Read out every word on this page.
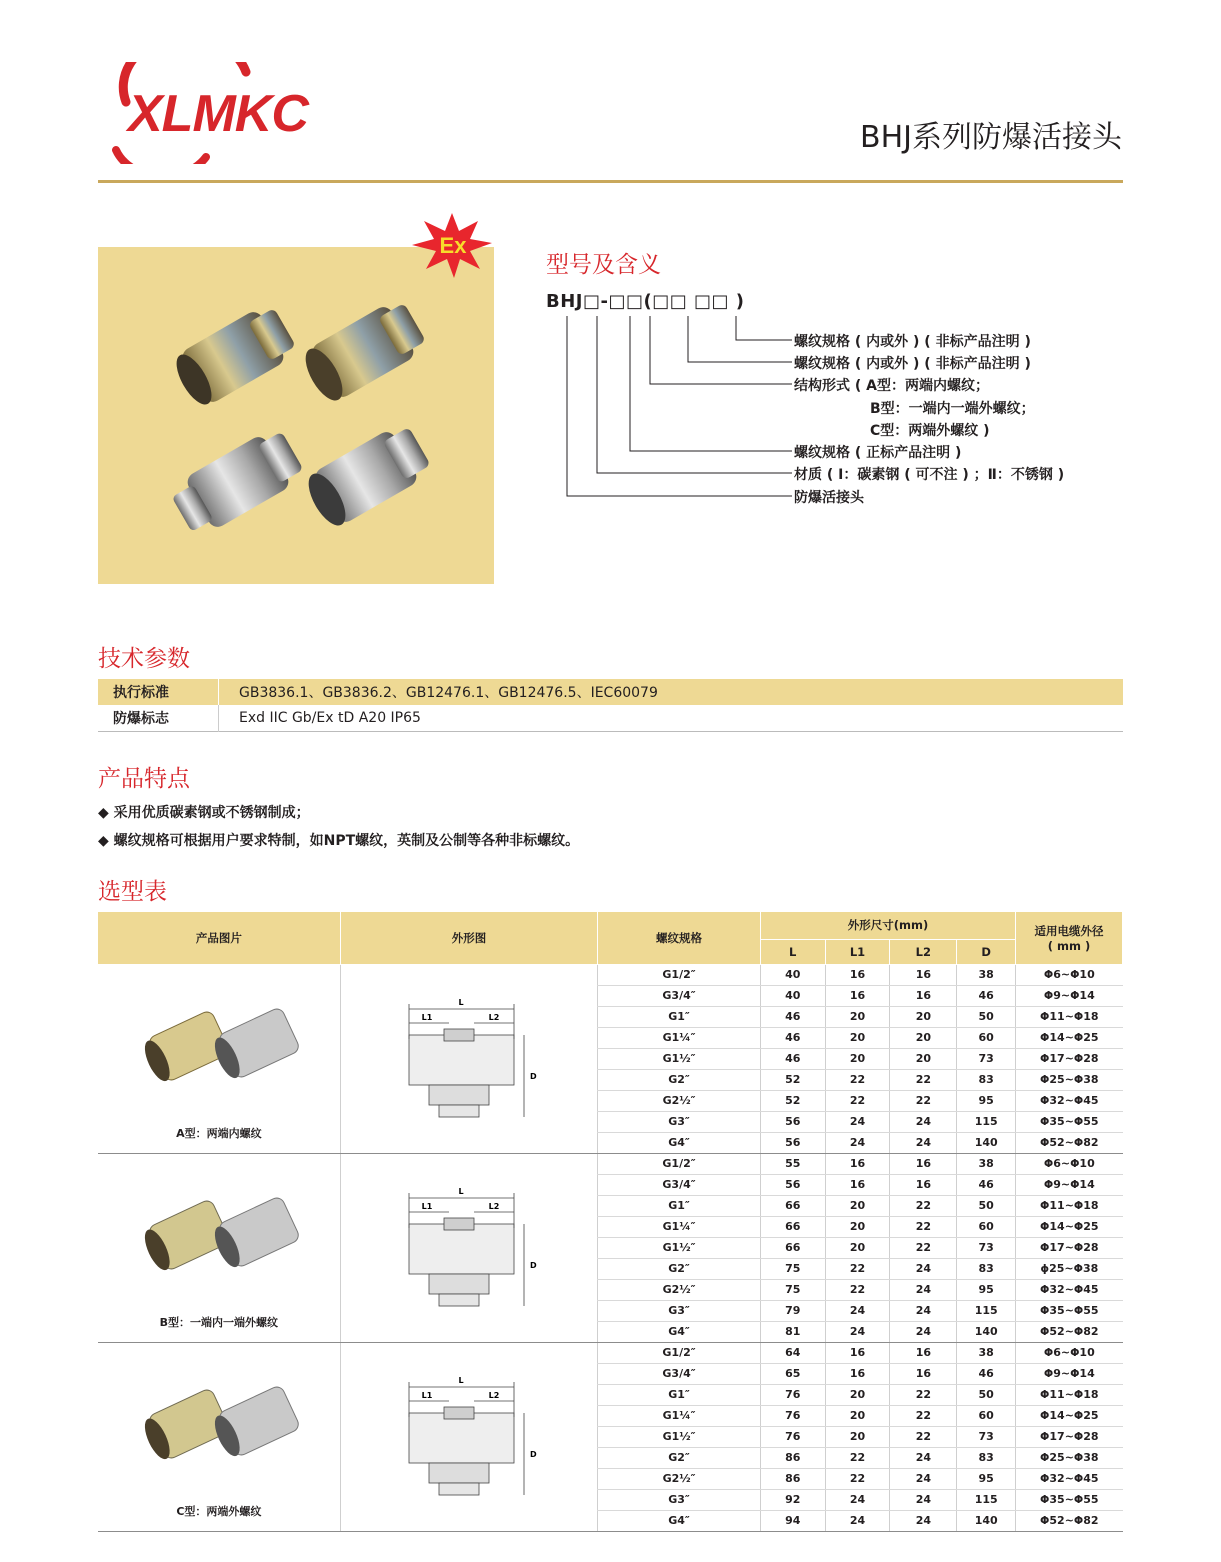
XLMKC	BHJ系列防爆活接头
Ex
型号及含义
BHJ□-□□(□□ □□ )
螺纹规格 ( 内或外 ) ( 非标产品注明 )
螺纹规格 ( 内或外 ) ( 非标产品注明 )
结构形式 ( A型：两端内螺纹；
B型：一端内一端外螺纹；
C型：两端外螺纹 )
螺纹规格 ( 正标产品注明 )
材质 ( Ⅰ：碳素钢 ( 可不注 ) ；Ⅱ：不锈钢 )
防爆活接头
技术参数
执行标准	GB3836.1、GB3836.2、GB12476.1、GB12476.5、IEC60079
防爆标志	Exd IIC Gb/Ex tD A20 IP65
产品特点
◆ 采用优质碳素钢或不锈钢制成；
◆ 螺纹规格可根据用户要求特制，如NPT螺纹，英制及公制等各种非标螺纹。
选型表
产品图片	外形图	螺纹规格	外形尺寸(mm)				适用电缆外径
( mm )

			L	L1	L2	D	

A型：两端内螺纹	L
L1 L2
D	G1/2″	40	16	16	38	Φ6~Φ10
		G3/4″	40	16	16	46	Φ9~Φ14
		G1″	46	20	20	50	Φ11~Φ18
		G1¼″	46	20	20	60	Φ14~Φ25
		G1½″	46	20	20	73	Φ17~Φ28
		G2″	52	22	22	83	Φ25~Φ38
		G2½″	52	22	22	95	Φ32~Φ45
		G3″	56	24	24	115	Φ35~Φ55
		G4″	56	24	24	140	Φ52~Φ82

B型：一端内一端外螺纹	L
L1 L2
D	G1/2″	55	16	16	38	Φ6~Φ10
		G3/4″	56	16	16	46	Φ9~Φ14
		G1″	66	20	22	50	Φ11~Φ18
		G1¼″	66	20	22	60	Φ14~Φ25
		G1½″	66	20	22	73	Φ17~Φ28
		G2″	75	22	24	83	ϕ25~Φ38
		G2½″	75	22	24	95	Φ32~Φ45
		G3″	79	24	24	115	Φ35~Φ55
		G4″	81	24	24	140	Φ52~Φ82

C型：两端外螺纹	L
L1 L2
D	G1/2″	64	16	16	38	Φ6~Φ10
		G3/4″	65	16	16	46	Φ9~Φ14
		G1″	76	20	22	50	Φ11~Φ18
		G1¼″	76	20	22	60	Φ14~Φ25
		G1½″	76	20	22	73	Φ17~Φ28
		G2″	86	22	24	83	Φ25~Φ38
		G2½″	86	22	24	95	Φ32~Φ45
		G3″	92	24	24	115	Φ35~Φ55
		G4″	94	24	24	140	Φ52~Φ82
